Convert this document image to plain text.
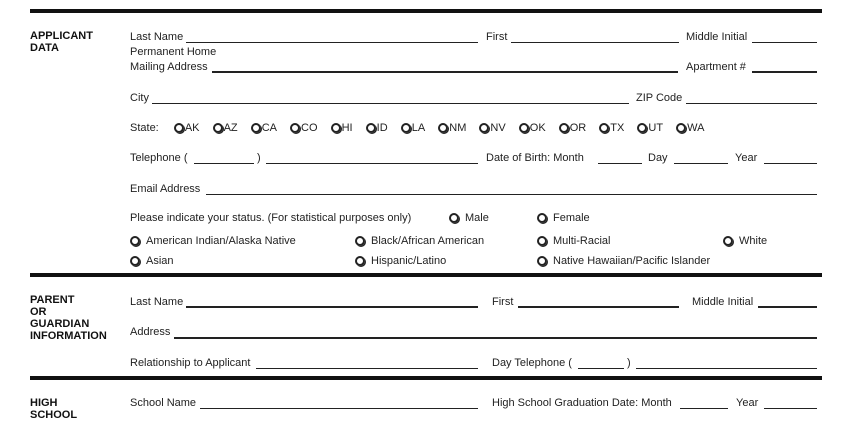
APPLICANT
DATA
Last Name	First	Middle Initial
Permanent Home
Mailing Address	Apartment #
City	ZIP Code
State: AK AZ CA CO HI ID LA NM NV OK OR TX UT WA
Telephone (	)	Date of Birth: Month	Day	Year
Email Address
Please indicate your status. (For statistical purposes only)	Male	Female
American Indian/Alaska Native	Black/African American	Multi-Racial	White
Asian	Hispanic/Latino	Native Hawaiian/Pacific Islander
PARENT
OR
GUARDIAN
INFORMATION
Last Name	First	Middle Initial
Address
Relationship to Applicant	Day Telephone (	)
HIGH
SCHOOL
School Name	High School Graduation Date: Month	Year
